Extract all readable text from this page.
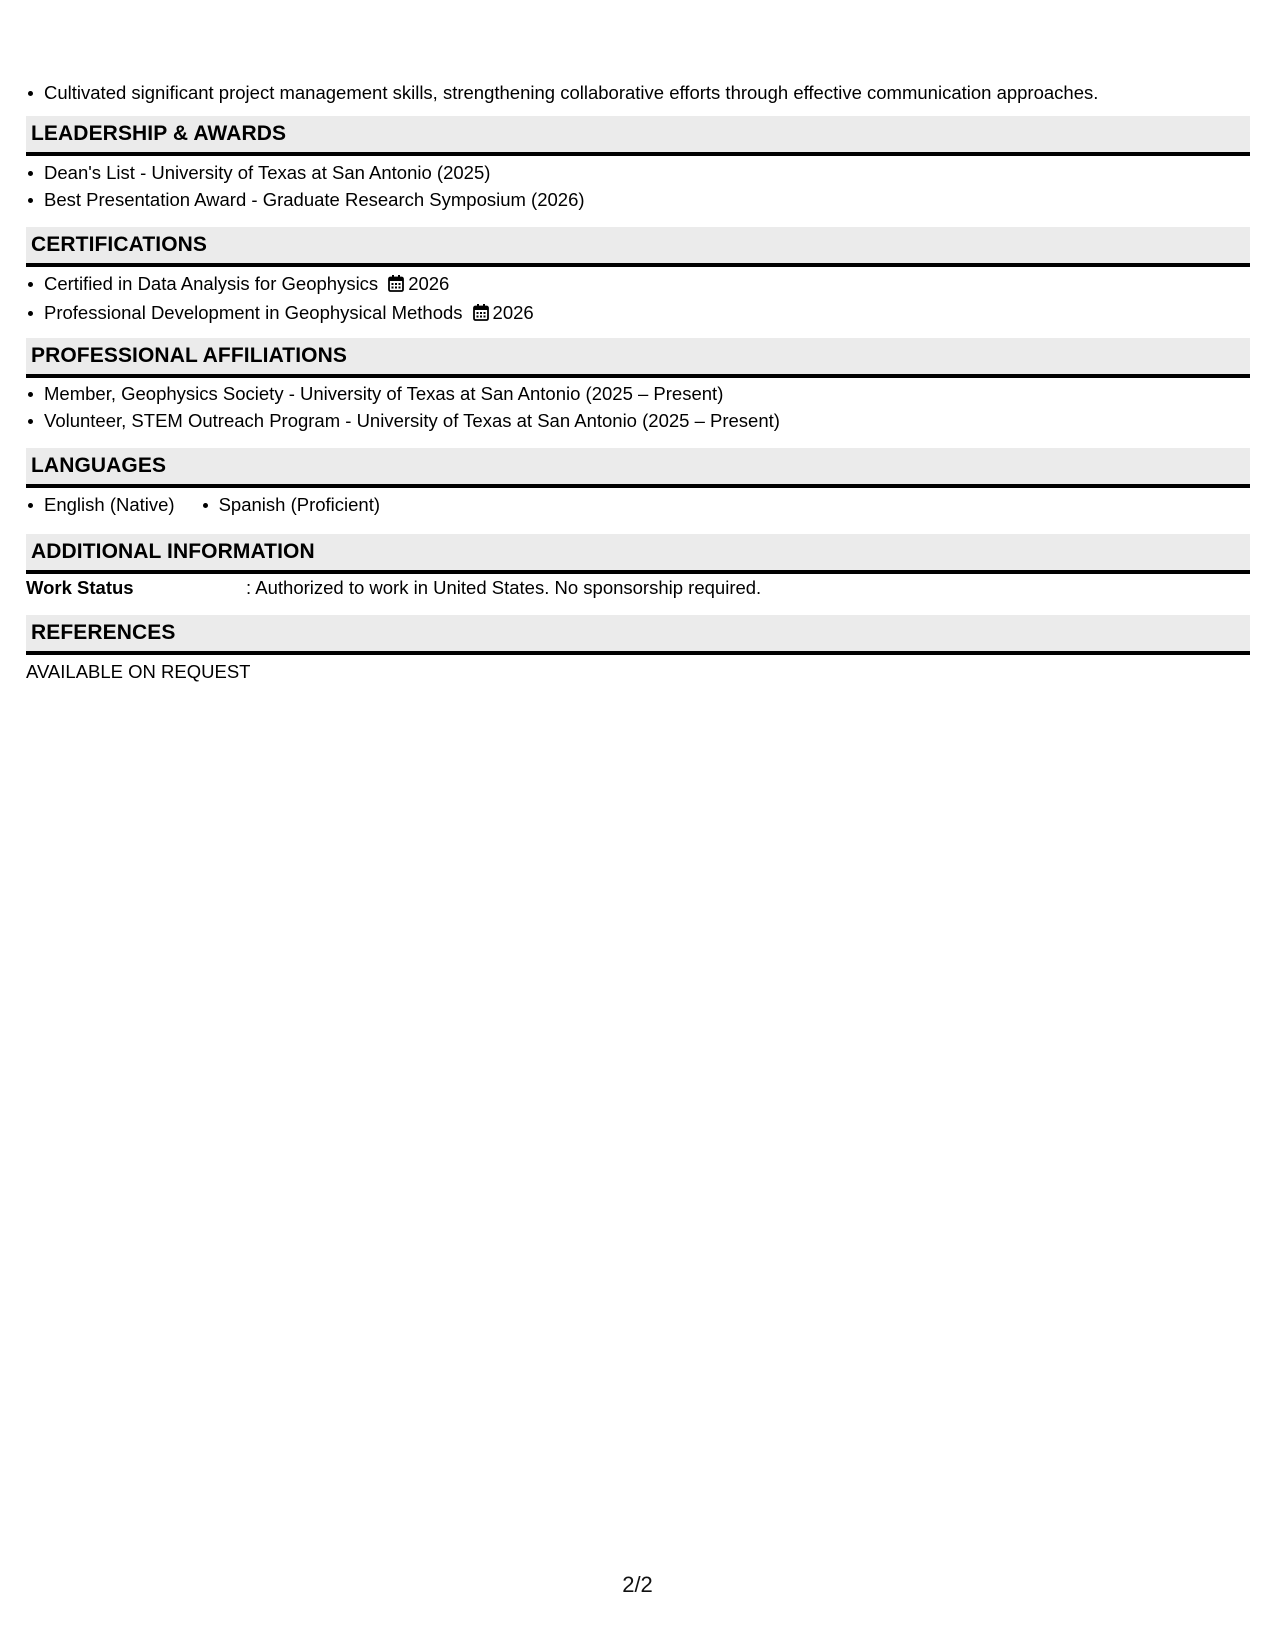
Cultivated significant project management skills, strengthening collaborative efforts through effective communication approaches.
LEADERSHIP & AWARDS
Dean's List - University of Texas at San Antonio (2025)
Best Presentation Award - Graduate Research Symposium (2026)
CERTIFICATIONS
Certified in Data Analysis for Geophysics 2026
Professional Development in Geophysical Methods 2026
PROFESSIONAL AFFILIATIONS
Member, Geophysics Society - University of Texas at San Antonio (2025 – Present)
Volunteer, STEM Outreach Program - University of Texas at San Antonio (2025 – Present)
LANGUAGES
English (Native) Spanish (Proficient)
ADDITIONAL INFORMATION
Work Status	: Authorized to work in United States. No sponsorship required.
REFERENCES
AVAILABLE ON REQUEST
2/2
